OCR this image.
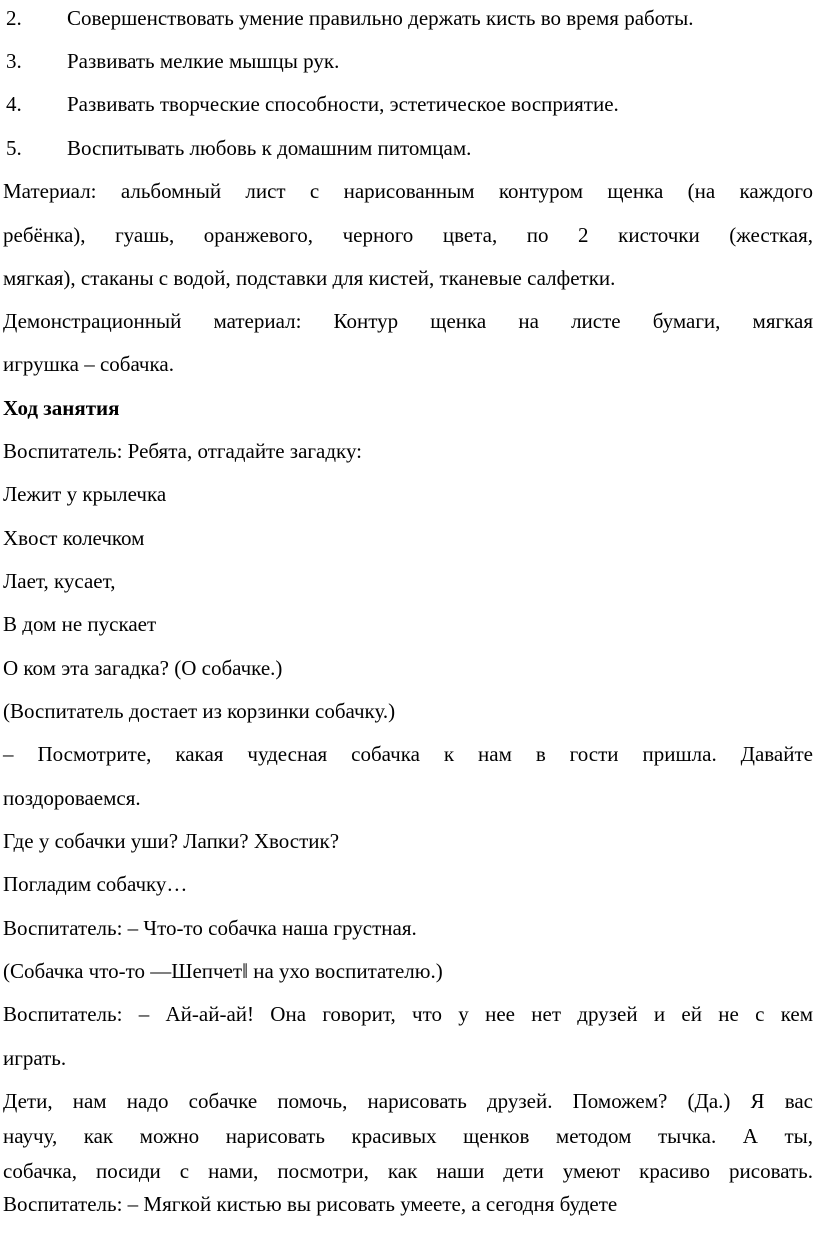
2. Совершенствовать умение правильно держать кисть во время работы.
3. Развивать мелкие мышцы рук.
4. Развивать творческие способности, эстетическое восприятие.
5. Воспитывать любовь к домашним питомцам.
Материал: альбомный лист с нарисованным контуром щенка (на каждого
ребёнка), гуашь, оранжевого, черного цвета, по 2 кисточки (жесткая,
мягкая), стаканы с водой, подставки для кистей, тканевые салфетки.
Демонстрационный материал: Контур щенка на листе бумаги, мягкая
игрушка – собачка.
Ход занятия
Воспитатель: Ребята, отгадайте загадку:
Лежит у крылечка
Хвост колечком
Лает, кусает,
В дом не пускает
О ком эта загадка? (О собачке.)
(Воспитатель достает из корзинки собачку.)
– Посмотрите, какая чудесная собачка к нам в гости пришла. Давайте
поздороваемся.
Где у собачки уши? Лапки? Хвостик?
Погладим собачку…
Воспитатель: – Что-то собачка наша грустная.
(Собачка что-то ―Шепчет‖ на ухо воспитателю.)
Воспитатель: – Ай-ай-ай! Она говорит, что у нее нет друзей и ей не с кем
играть.
Дети, нам надо собачке помочь, нарисовать друзей. Поможем? (Да.) Я вас
научу, как можно нарисовать красивых щенков методом тычка. А ты,
собачка, посиди с нами, посмотри, как наши дети умеют красиво рисовать.
Воспитатель: – Мягкой кистью вы рисовать умеете, а сегодня будете
